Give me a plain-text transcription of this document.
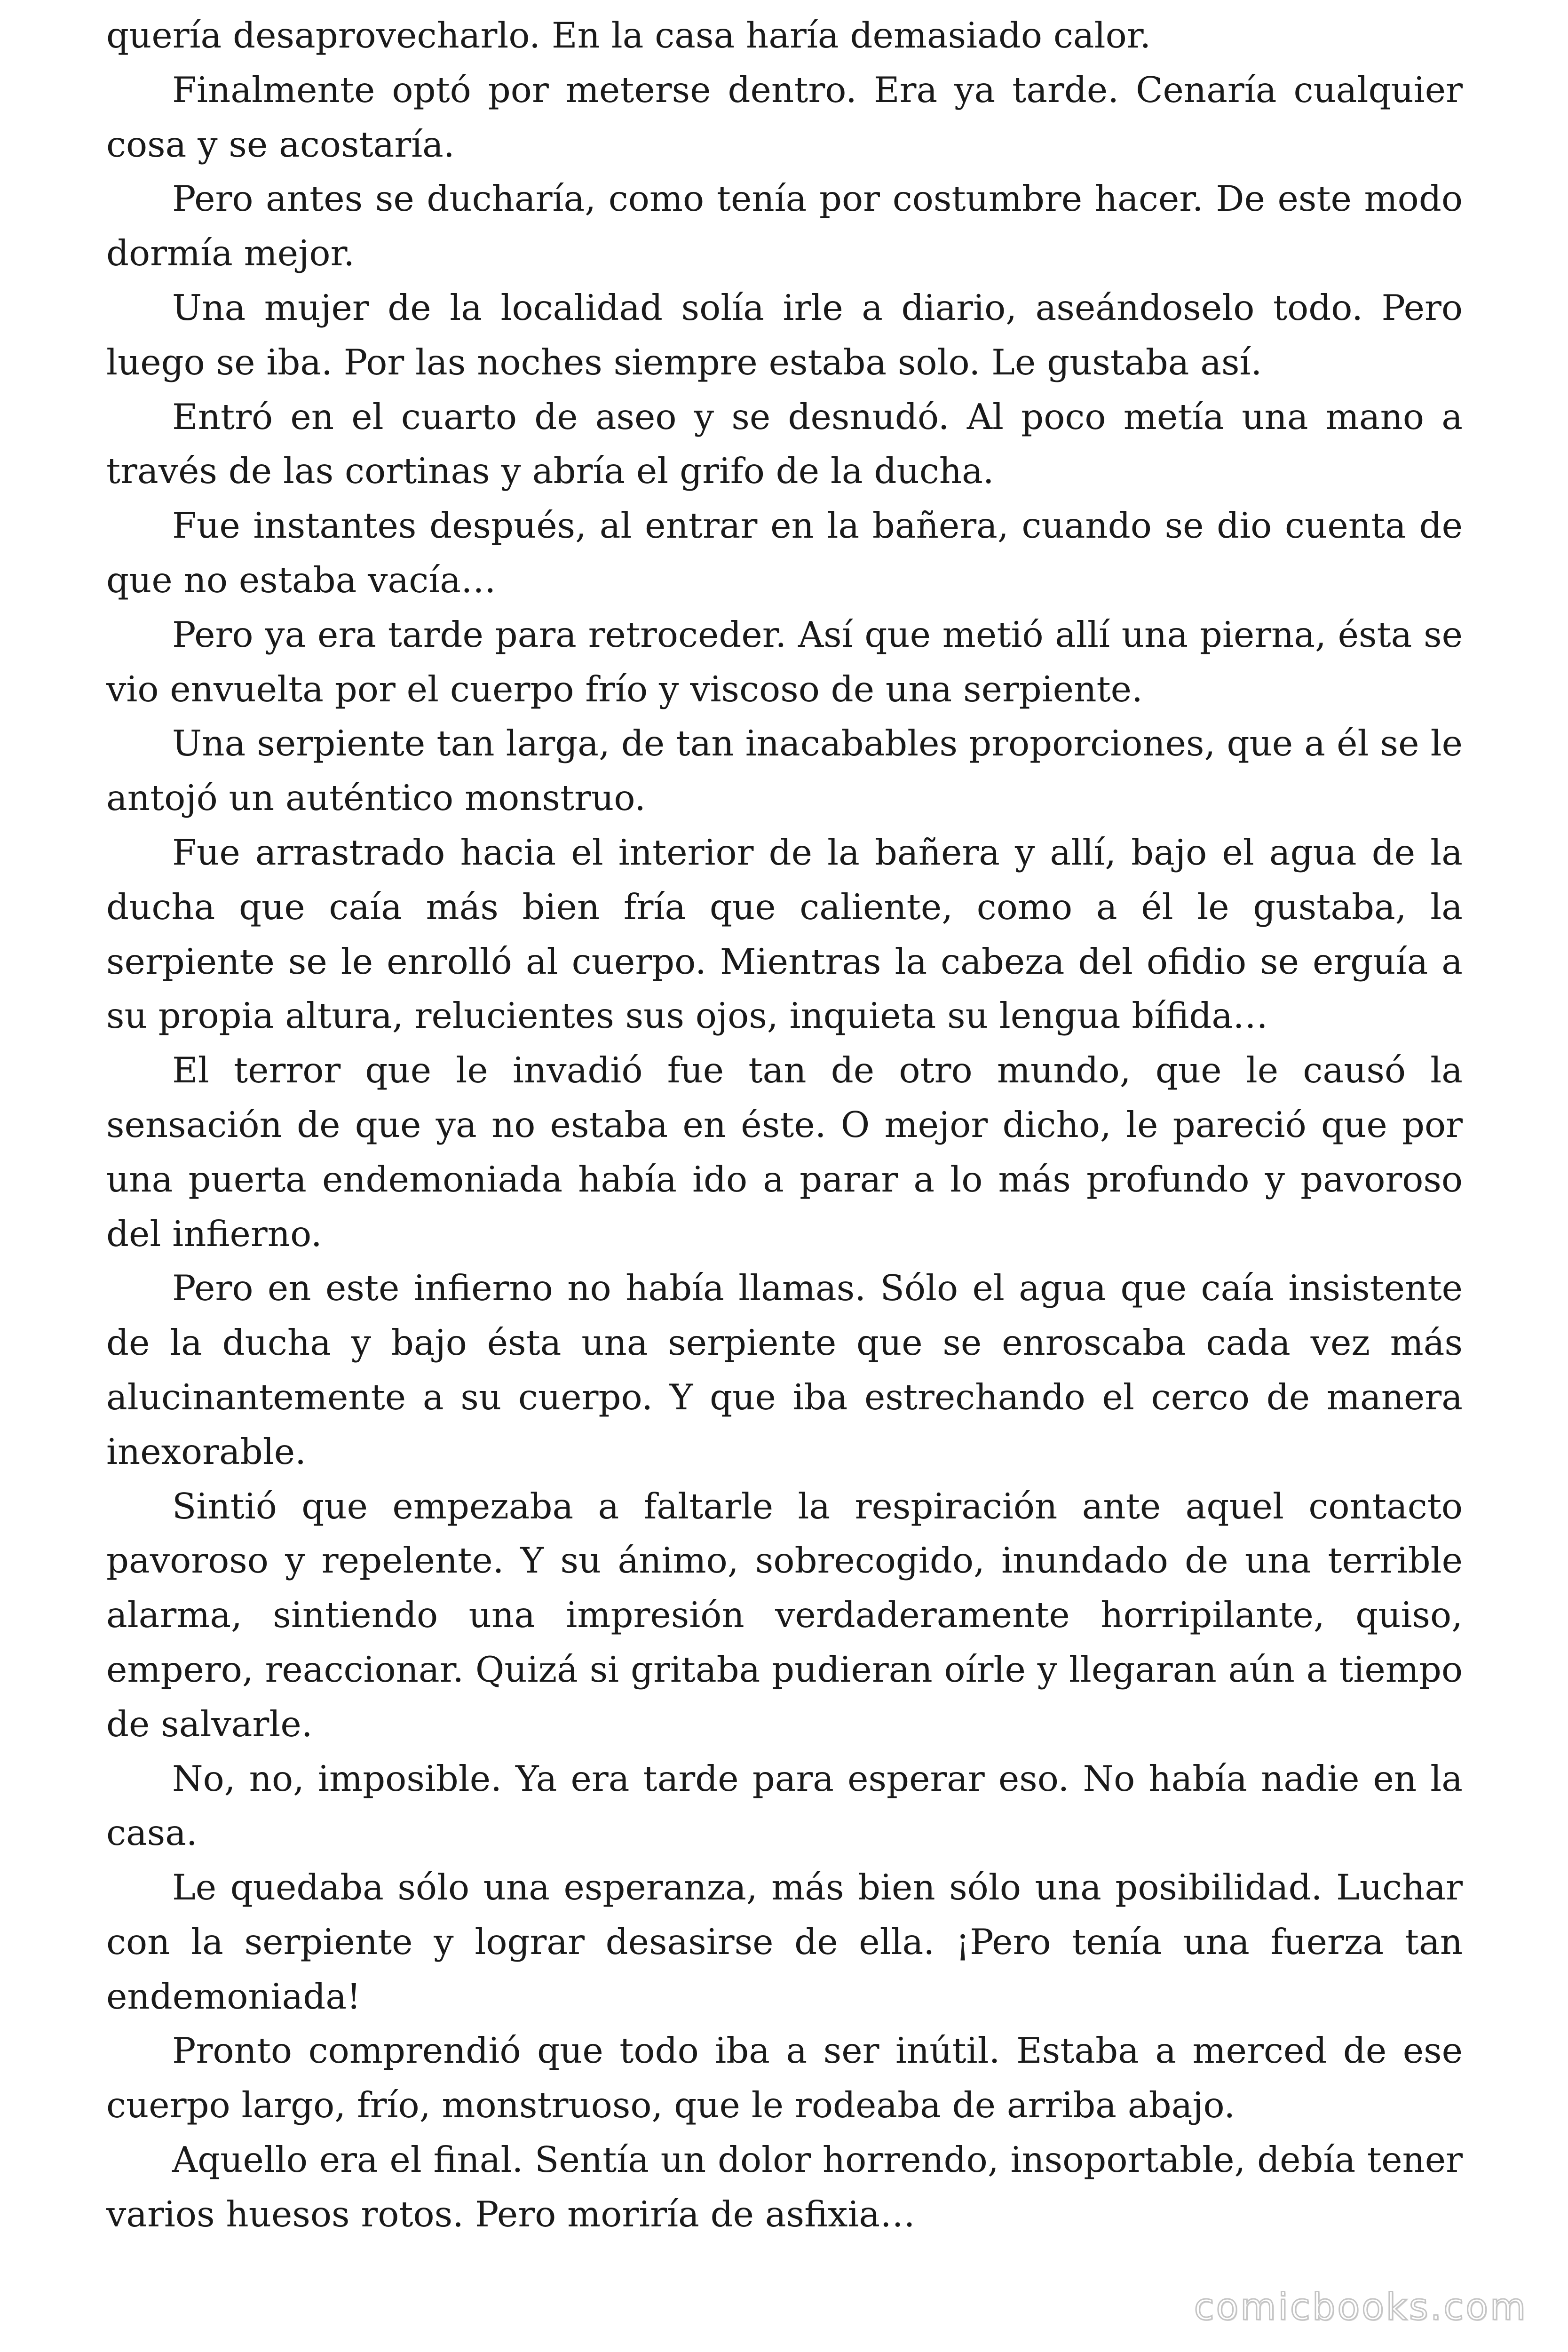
quería desaprovecharlo. En la casa haría demasiado calor.

Finalmente optó por meterse dentro. Era ya tarde. Cenaría cualquier cosa y se acostaría.

Pero antes se ducharía, como tenía por costumbre hacer. De este modo dormía mejor.

Una mujer de la localidad solía irle a diario, aseándoselo todo. Pero luego se iba. Por las noches siempre estaba solo. Le gustaba así.

Entró en el cuarto de aseo y se desnudó. Al poco metía una mano a través de las cortinas y abría el grifo de la ducha.

Fue instantes después, al entrar en la bañera, cuando se dio cuenta de que no estaba vacía…

Pero ya era tarde para retroceder. Así que metió allí una pierna, ésta se vio envuelta por el cuerpo frío y viscoso de una serpiente.

Una serpiente tan larga, de tan inacabables proporciones, que a él se le antojó un auténtico monstruo.

Fue arrastrado hacia el interior de la bañera y allí, bajo el agua de la ducha que caía más bien fría que caliente, como a él le gustaba, la serpiente se le enrolló al cuerpo. Mientras la cabeza del ofidio se erguía a su propia altura, relucientes sus ojos, inquieta su lengua bífida…

El terror que le invadió fue tan de otro mundo, que le causó la sensación de que ya no estaba en éste. O mejor dicho, le pareció que por una puerta endemoniada había ido a parar a lo más profundo y pavoroso del infierno.

Pero en este infierno no había llamas. Sólo el agua que caía insistente de la ducha y bajo ésta una serpiente que se enroscaba cada vez más alucinantemente a su cuerpo. Y que iba estrechando el cerco de manera inexorable.

Sintió que empezaba a faltarle la respiración ante aquel contacto pavoroso y repelente. Y su ánimo, sobrecogido, inundado de una terrible alarma, sintiendo una impresión verdaderamente horripilante, quiso, empero, reaccionar. Quizá si gritaba pudieran oírle y llegaran aún a tiempo de salvarle.

No, no, imposible. Ya era tarde para esperar eso. No había nadie en la casa.

Le quedaba sólo una esperanza, más bien sólo una posibilidad. Luchar con la serpiente y lograr desasirse de ella. ¡Pero tenía una fuerza tan endemoniada!

Pronto comprendió que todo iba a ser inútil. Estaba a merced de ese cuerpo largo, frío, monstruoso, que le rodeaba de arriba abajo.

Aquello era el final. Sentía un dolor horrendo, insoportable, debía tener varios huesos rotos. Pero moriría de asfixia…

comicbooks.com
